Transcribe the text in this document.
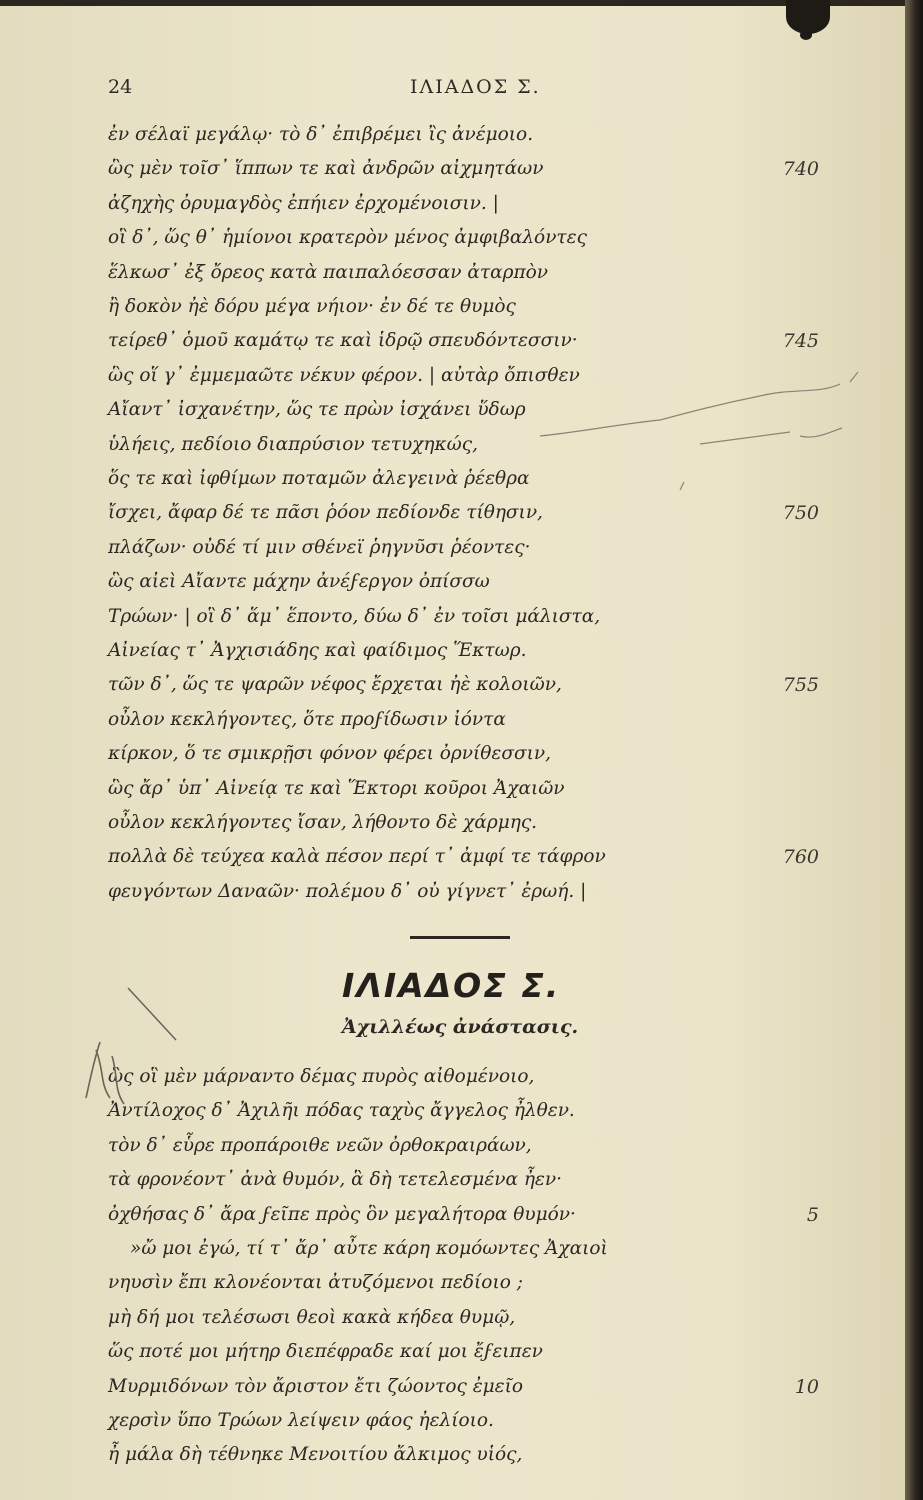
24	ΙΛΙΑΔΟΣ Σ.
ἐν σέλαϊ μεγάλῳ· τὸ δ᾽ ἐπιβρέμει ἲς ἀνέμοιο.
ὣς μὲν τοῖσ᾽ ἵππων τε καὶ ἀνδρῶν αἰχμητάων	740
ἀζηχὴς ὀρυμαγδὸς ἐπήιεν ἐρχομένοισιν. |
οἳ δ᾽, ὥς θ᾽ ἡμίονοι κρατερὸν μένος ἀμφιβαλόντες
ἕλκωσ᾽ ἐξ ὄρεος κατὰ παιπαλόεσσαν ἀταρπὸν
ἢ δοκὸν ἠὲ δόρυ μέγα νήιον· ἐν δέ τε θυμὸς
τείρεθ᾽ ὁμοῦ καμάτῳ τε καὶ ἱδρῷ σπευδόντεσσιν·	745
ὣς οἵ γ᾽ ἐμμεμαῶτε νέκυν φέρον. | αὐτὰρ ὄπισθεν
Αἴαντ᾽ ἰσχανέτην, ὥς τε πρὼν ἰσχάνει ὕδωρ
ὑλήεις, πεδίοιο διαπρύσιον τετυχηκώς,
ὅς τε καὶ ἰφθίμων ποταμῶν ἀλεγεινὰ ῥέεθρα
ἴσχει, ἄφαρ δέ τε πᾶσι ῥόον πεδίονδε τίθησιν,	750
πλάζων· οὐδέ τί μιν σθένεϊ ῥηγνῦσι ῥέοντες·
ὣς αἰεὶ Αἴαντε μάχην ἀνέϝεργον ὀπίσσω
Τρώων· | οἳ δ᾽ ἅμ᾽ ἕποντο, δύω δ᾽ ἐν τοῖσι μάλιστα,
Αἰνείας τ᾽ Ἀγχισιάδης καὶ φαίδιμος Ἕκτωρ.
τῶν δ᾽, ὥς τε ψαρῶν νέφος ἔρχεται ἠὲ κολοιῶν,	755
οὖλον κεκλήγοντες, ὅτε προϝίδωσιν ἰόντα
κίρκον, ὅ τε σμικρῇσι φόνον φέρει ὀρνίθεσσιν,
ὣς ἄρ᾽ ὑπ᾽ Αἰνείᾳ τε καὶ Ἕκτορι κοῦροι Ἀχαιῶν
οὖλον κεκλήγοντες ἴσαν, λήθοντο δὲ χάρμης.
πολλὰ δὲ τεύχεα καλὰ πέσον περί τ᾽ ἀμφί τε τάφρον	760
φευγόντων Δαναῶν· πολέμου δ᾽ οὐ γίγνετ᾽ ἐρωή. |
ΙΛΙΑΔΟΣ Σ.
Ἀχιλλέως ἀνάστασις.
ὣς οἳ μὲν μάρναντο δέμας πυρὸς αἰθομένοιο,
Ἀντίλοχος δ᾽ Ἀχιλῆι πόδας ταχὺς ἄγγελος ἦλθεν.
τὸν δ᾽ εὗρε προπάροιθε νεῶν ὀρθοκραιράων,
τὰ φρονέοντ᾽ ἀνὰ θυμόν, ἃ δὴ τετελεσμένα ἦεν·
ὀχθήσας δ᾽ ἄρα ϝεῖπε πρὸς ὃν μεγαλήτορα θυμόν·	5
»ὤ μοι ἐγώ, τί τ᾽ ἄρ᾽ αὖτε κάρη κομόωντες Ἀχαιοὶ
νηυσὶν ἔπι κλονέονται ἀτυζόμενοι πεδίοιο ;
μὴ δή μοι τελέσωσι θεοὶ κακὰ κήδεα θυμῷ,
ὥς ποτέ μοι μήτηρ διεπέφραδε καί μοι ἔϝειπεν
Μυρμιδόνων τὸν ἄριστον ἔτι ζώοντος ἐμεῖο	10
χερσὶν ὕπο Τρώων λείψειν φάος ἠελίοιο.
ἦ μάλα δὴ τέθνηκε Μενοιτίου ἄλκιμος υἱός,
